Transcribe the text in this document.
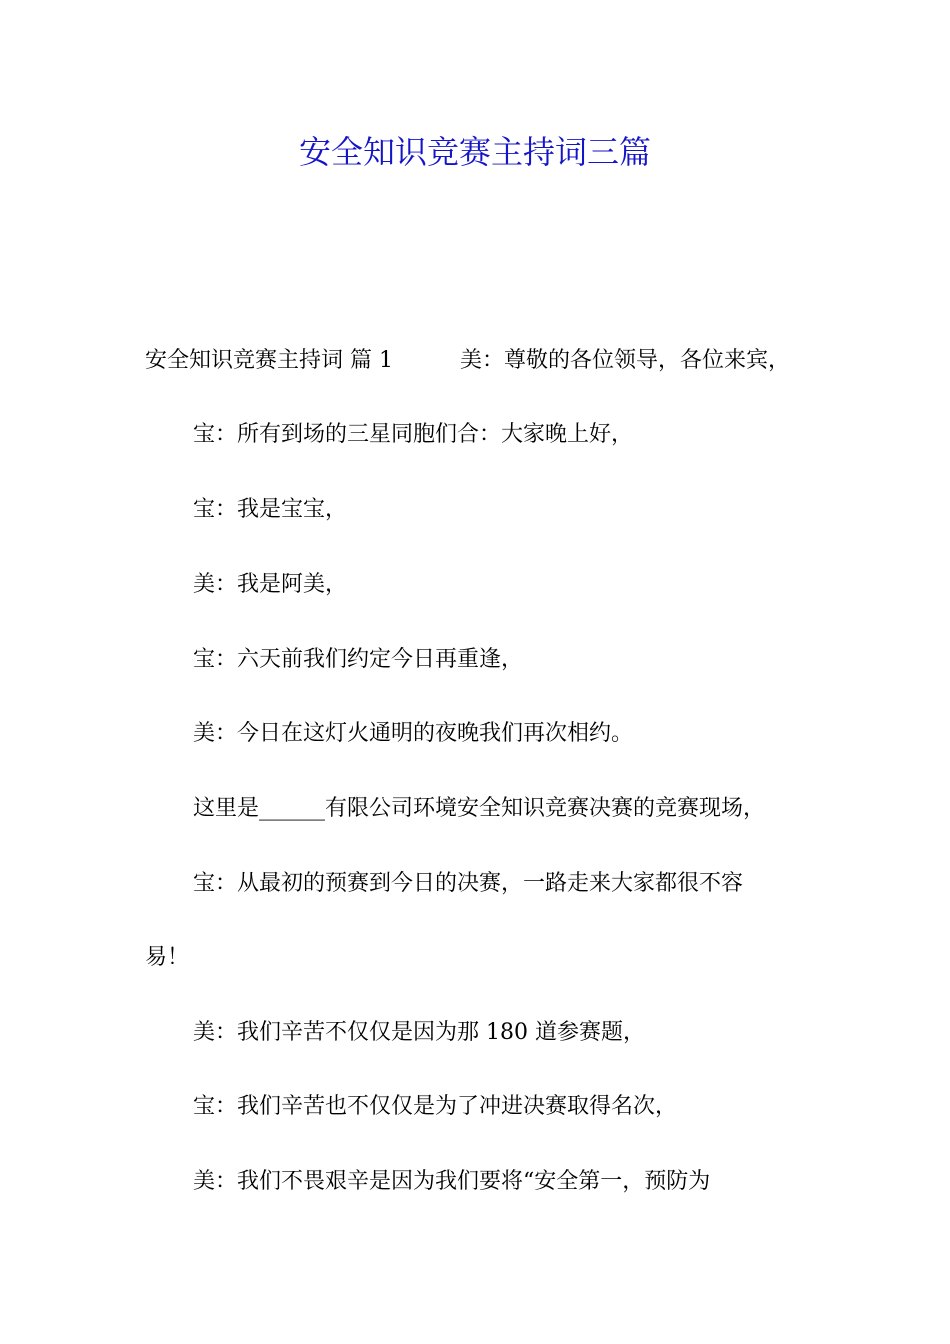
安全知识竞赛主持词三篇
安全知识竞赛主持词 篇 1	美：尊敬的各位领导，各位来宾，
宝：所有到场的三星同胞们合：大家晚上好，
宝：我是宝宝，
美：我是阿美，
宝：六天前我们约定今日再重逢，
美：今日在这灯火通明的夜晚我们再次相约。
这里是______有限公司环境安全知识竞赛决赛的竞赛现场，
宝：从最初的预赛到今日的决赛，一路走来大家都很不容
易！
美：我们辛苦不仅仅是因为那 180 道参赛题，
宝：我们辛苦也不仅仅是为了冲进决赛取得名次，
美：我们不畏艰辛是因为我们要将“安全第一，预防为
